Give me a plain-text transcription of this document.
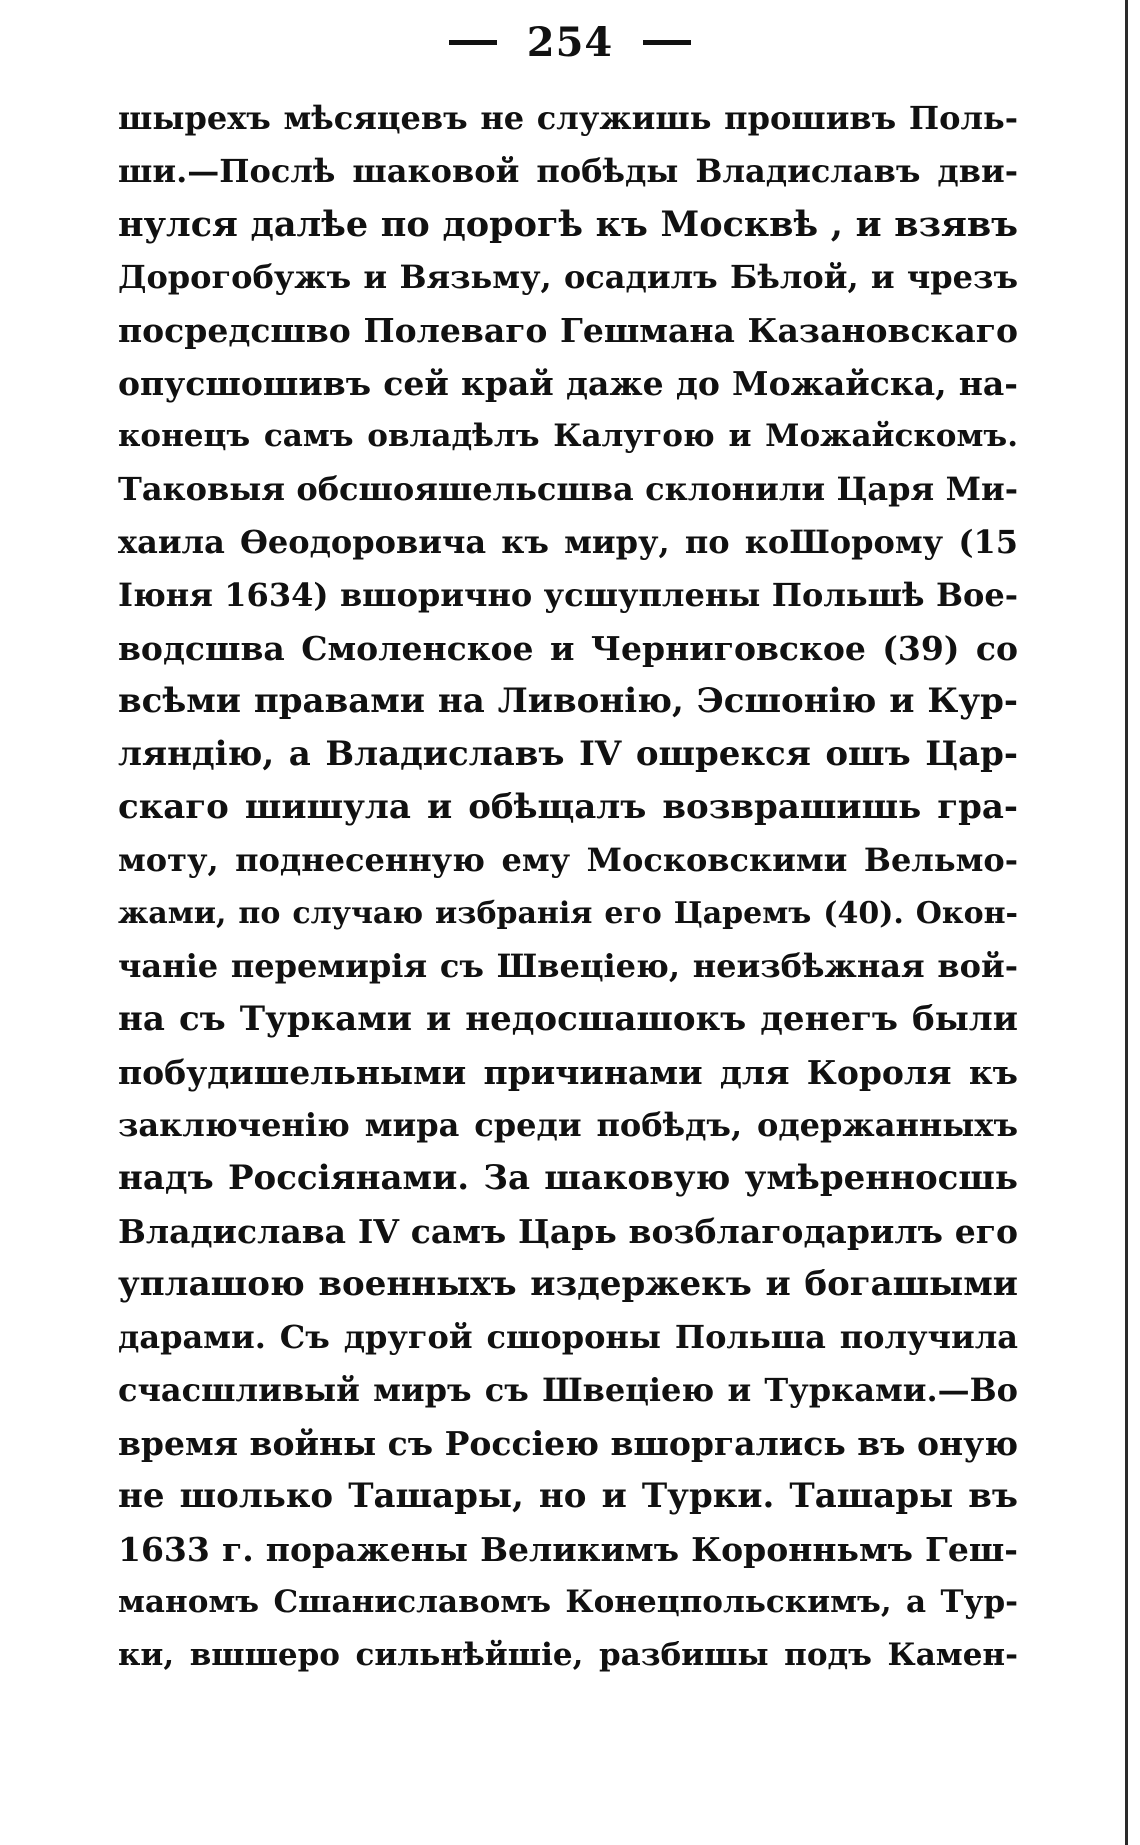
254
шырехъ мѣсяцевъ не служишь прошивъ Поль-
ши.—Послѣ шаковой побѣды Владиславъ дви-
нулся далѣе по дорогѣ къ Москвѣ , и взявъ
Дорогобужъ и Вязьму, осадилъ Бѣлой, и чрезъ
посредсшво Полеваго Гешмана Казановскаго
опусшошивъ сей край даже до Можайска, на-
конецъ самъ овладѣлъ Калугою и Можайскомъ.
Таковыя обсшояшельсшва склонили Царя Ми-
хаила Өеодоровича къ миру, по коШорому (15
Іюня 1634) вшорично усшуплены Польшѣ Вое-
водсшва Смоленское и Черниговское (39) со
всѣми правами на Ливонію, Эсшонію и Кур-
ляндію, а Владиславъ IV ошрекся ошъ Цар-
скаго шишула и обѣщалъ возврашишь гра-
моту, поднесенную ему Московскими Вельмо-
жами, по случаю избранія его Царемъ (40). Окон-
чаніе перемирія съ Швеціею, неизбѣжная вой-
на съ Турками и недосшашокъ денегъ были
побудишельными причинами для Короля къ
заключенію мира среди побѣдъ, одержанныхъ
надъ Россіянами. За шаковую умѣренносшь
Владислава IV самъ Царь возблагодарилъ его
уплашою военныхъ издержекъ и богашыми
дарами. Съ другой сшороны Польша получила
счасшливый миръ съ Швеціею и Турками.—Во
время войны съ Россіею вшоргались въ оную
не шолько Ташары, но и Турки. Ташары въ
1633 г. поражены Великимъ Коронньмъ Геш-
маномъ Сшаниславомъ Конецпольскимъ, а Тур-
ки, вшшеро сильнѣйшіе, разбишы подъ Камен-
